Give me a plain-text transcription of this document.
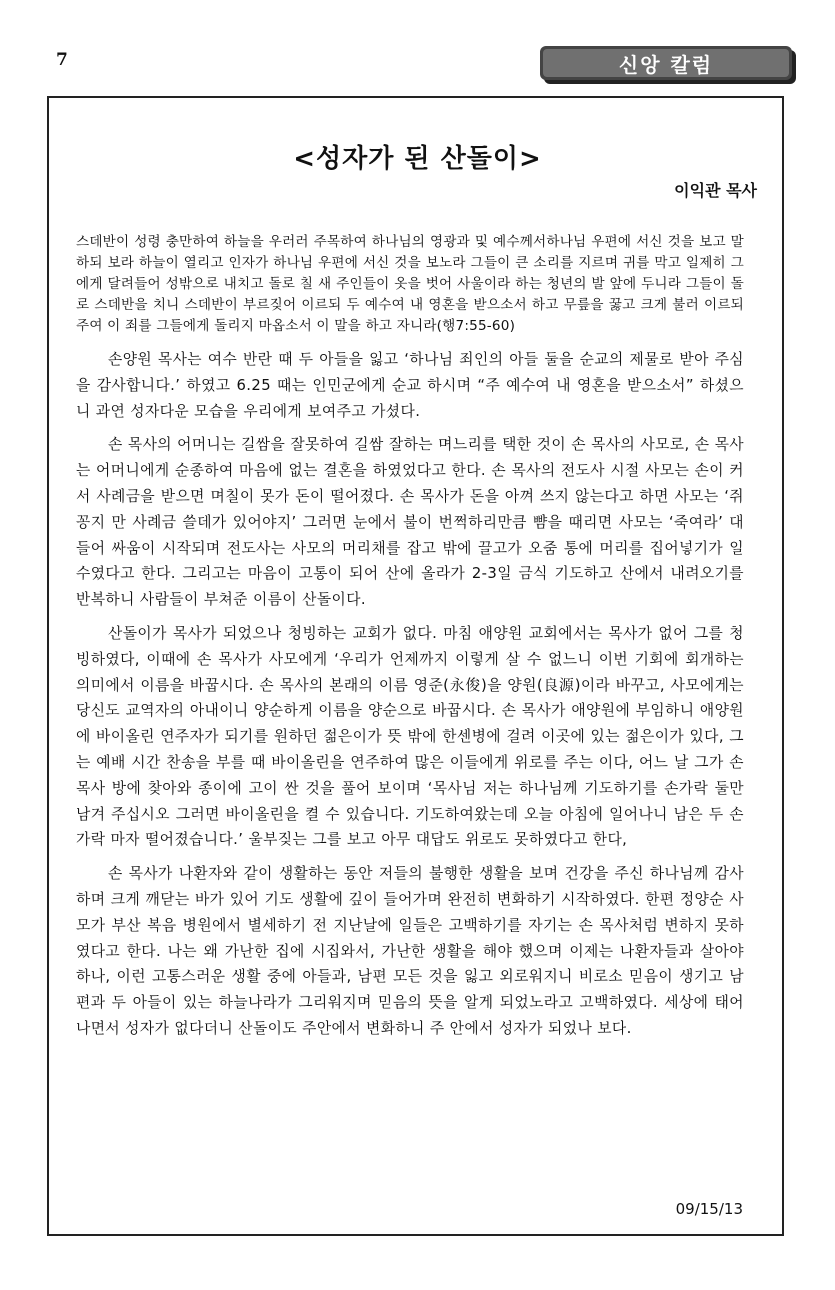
7	신앙 칼럼
<성자가 된 산돌이>
이익관 목사

스데반이 성령 충만하여 하늘을 우러러 주목하여 하나님의 영광과 및 예수께서하나님 우편에 서신 것을 보고 말하되 보라 하늘이 열리고 인자가 하나님 우편에 서신 것을 보노라 그들이 큰 소리를 지르며 귀를 막고 일제히 그에게 달려들어 성밖으로 내치고 돌로 칠 새 주인들이 옷을 벗어 사울이라 하는 청년의 발 앞에 두니라 그들이 돌로 스데반을 치니 스데반이 부르짖어 이르되 두 예수여 내 영혼을 받으소서 하고 무릎을 꿇고 크게 불러 이르되 주여 이 죄를 그들에게 돌리지 마옵소서 이 말을 하고 자니라(행7:55-60)

손양원 목사는 여수 반란 때 두 아들을 잃고 ‘하나님 죄인의 아들 둘을 순교의 제물로 받아 주심을 감사합니다.’ 하였고 6.25 때는 인민군에게 순교 하시며 “주 예수여 내 영혼을 받으소서” 하셨으니 과연 성자다운 모습을 우리에게 보여주고 가셨다.

손 목사의 어머니는 길쌈을 잘못하여 길쌈 잘하는 며느리를 택한 것이 손 목사의 사모로, 손 목사는 어머니에게 순종하여 마음에 없는 결혼을 하였었다고 한다. 손 목사의 전도사 시절 사모는 손이 커서 사례금을 받으면 며칠이 못가 돈이 떨어졌다. 손 목사가 돈을 아껴 쓰지 않는다고 하면 사모는 ‘쥐 꽁지 만 사례금 쓸데가 있어야지’ 그러면 눈에서 불이 번쩍하리만큼 뺨을 때리면 사모는 ‘죽여라’ 대들어 싸움이 시작되며 전도사는 사모의 머리채를 잡고 밖에 끌고가 오줌 통에 머리를 집어넣기가 일 수였다고 한다. 그리고는 마음이 고통이 되어 산에 올라가 2-3일 금식 기도하고 산에서 내려오기를 반복하니 사람들이 부쳐준 이름이 산돌이다.

산돌이가 목사가 되었으나 청빙하는 교회가 없다. 마침 애양원 교회에서는 목사가 없어 그를 청빙하였다, 이때에 손 목사가 사모에게 ‘우리가 언제까지 이렇게 살 수 없느니 이번 기회에 회개하는 의미에서 이름을 바꿉시다. 손 목사의 본래의 이름 영준(永俊)을 양원(良源)이라 바꾸고, 사모에게는 당신도 교역자의 아내이니 양순하게 이름을 양순으로 바꿉시다. 손 목사가 애양원에 부임하니 애양원에 바이올린 연주자가 되기를 원하던 젊은이가 뜻 밖에 한센병에 걸려 이곳에 있는 젊은이가 있다, 그는 예배 시간 찬송을 부를 때 바이올린을 연주하여 많은 이들에게 위로를 주는 이다, 어느 날 그가 손 목사 방에 찾아와 종이에 고이 싼 것을 풀어 보이며 ‘목사님 저는 하나님께 기도하기를 손가락 둘만 남겨 주십시오 그러면 바이올린을 켤 수 있습니다. 기도하여왔는데 오늘 아침에 일어나니 남은 두 손가락 마자 떨어졌습니다.’ 울부짖는 그를 보고 아무 대답도 위로도 못하였다고 한다,

손 목사가 나환자와 같이 생활하는 동안 저들의 불행한 생활을 보며 건강을 주신 하나님께 감사하며 크게 깨닫는 바가 있어 기도 생활에 깊이 들어가며 완전히 변화하기 시작하였다. 한편 정양순 사모가 부산 복음 병원에서 별세하기 전 지난날에 일들은 고백하기를 자기는 손 목사처럼 변하지 못하였다고 한다. 나는 왜 가난한 집에 시집와서, 가난한 생활을 해야 했으며 이제는 나환자들과 살아야 하나, 이런 고통스러운 생활 중에 아들과, 남편 모든 것을 잃고 외로워지니 비로소 믿음이 생기고 남편과 두 아들이 있는 하늘나라가 그리워지며 믿음의 뜻을 알게 되었노라고 고백하였다. 세상에 태어나면서 성자가 없다더니 산돌이도 주안에서 변화하니 주 안에서 성자가 되었나 보다.

09/15/13
